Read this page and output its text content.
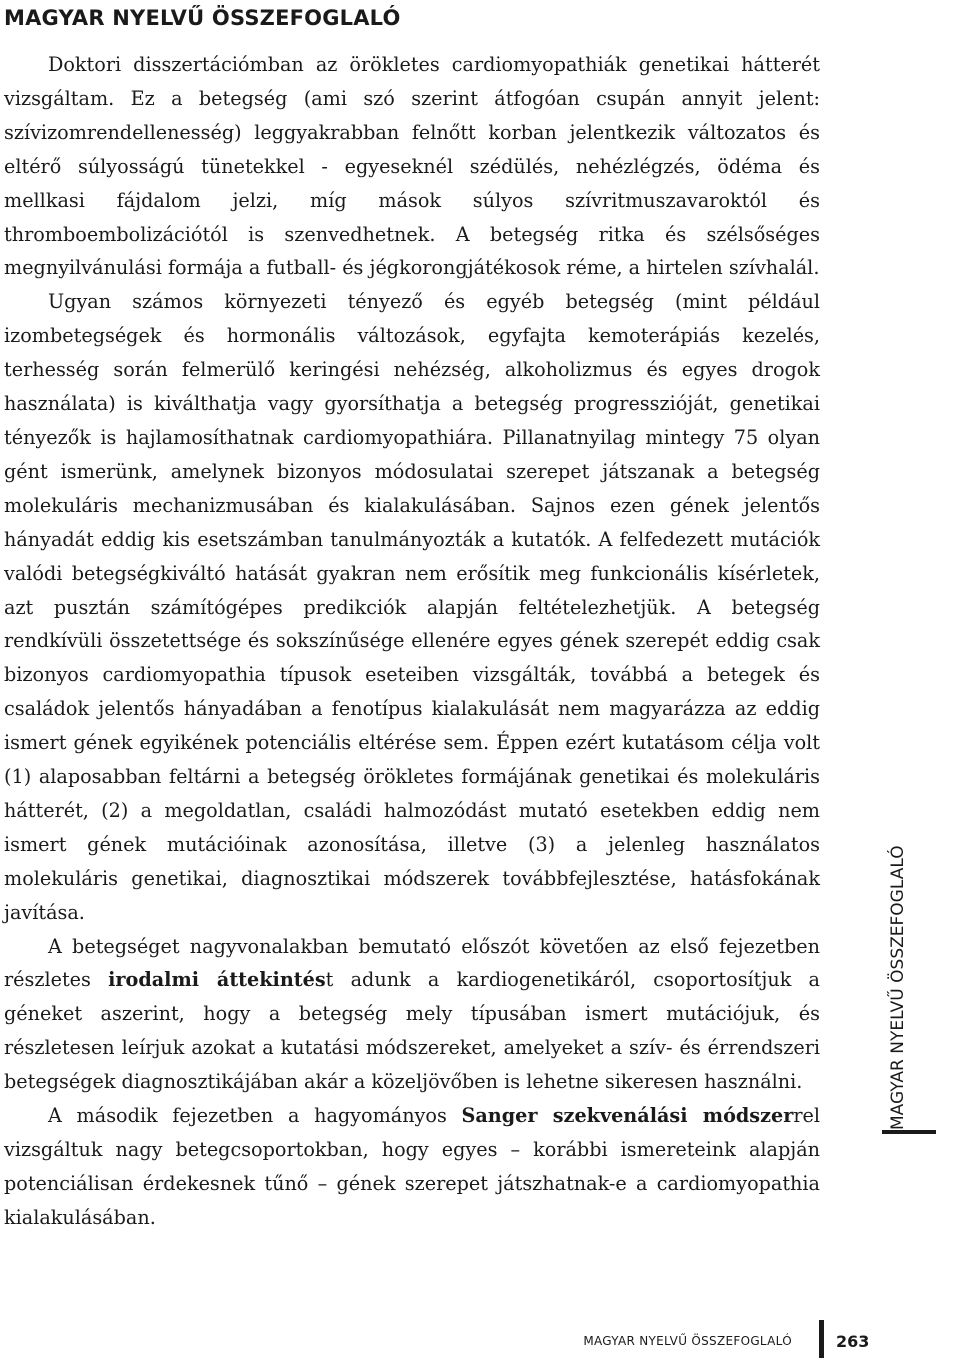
MAGYAR NYELVŰ ÖSSZEFOGLALÓ

Doktori disszertációmban az örökletes cardiomyopathiák genetikai hátterét vizsgáltam. Ez a betegség (ami szó szerint átfogóan csupán annyit jelent: szívizomrendellenesség) leggyakrabban felnőtt korban jelentkezik változatos és eltérő súlyosságú tünetekkel - egyeseknél szédülés, nehézlégzés, ödéma és mellkasi fájdalom jelzi, míg mások súlyos szívritmuszavaroktól és thromboembolizációtól is szenvedhetnek. A betegség ritka és szélsőséges megnyilvánulási formája a futball- és jégkorongjátékosok réme, a hirtelen szívhalál.

Ugyan számos környezeti tényező és egyéb betegség (mint például izombetegségek és hormonális változások, egyfajta kemoterápiás kezelés, terhesség során felmerülő keringési nehézség, alkoholizmus és egyes drogok használata) is kiválthatja vagy gyorsíthatja a betegség progresszióját, genetikai tényezők is hajlamosíthatnak cardiomyopathiára. Pillanatnyilag mintegy 75 olyan gént ismerünk, amelynek bizonyos módosulatai szerepet játszanak a betegség molekuláris mechanizmusában és kialakulásában. Sajnos ezen gének jelentős hányadát eddig kis esetszámban tanulmányozták a kutatók. A felfedezett mutációk valódi betegségkiváltó hatását gyakran nem erősítik meg funkcionális kísérletek, azt pusztán számítógépes predikciók alapján feltételezhetjük. A betegség rendkívüli összetettsége és sokszínűsége ellenére egyes gének szerepét eddig csak bizonyos cardiomyopathia típusok eseteiben vizsgálták, továbbá a betegek és családok jelentős hányadában a fenotípus kialakulását nem magyarázza az eddig ismert gének egyikének potenciális eltérése sem. Éppen ezért kutatásom célja volt (1) alaposabban feltárni a betegség örökletes formájának genetikai és molekuláris hátterét, (2) a megoldatlan, családi halmozódást mutató esetekben eddig nem ismert gének mutációinak azonosítása, illetve (3) a jelenleg használatos molekuláris genetikai, diagnosztikai módszerek továbbfejlesztése, hatásfokának javítása.

A betegséget nagyvonalakban bemutató előszót követően az első fejezetben részletes irodalmi áttekintést adunk a kardiogenetikáról, csoportosítjuk a géneket aszerint, hogy a betegség mely típusában ismert mutációjuk, és részletesen leírjuk azokat a kutatási módszereket, amelyeket a szív- és érrendszeri betegségek diagnosztikájában akár a közeljövőben is lehetne sikeresen használni.

A második fejezetben a hagyományos Sanger szekvenálási módszerrel vizsgáltuk nagy betegcsoportokban, hogy egyes – korábbi ismereteink alapján potenciálisan érdekesnek tűnő – gének szerepet játszhatnak-e a cardiomyopathia kialakulásában.

MAGYAR NYELVŰ ÖSSZEFOGLALÓ
MAGYAR NYELVŰ ÖSSZEFOGLALÓ	263
